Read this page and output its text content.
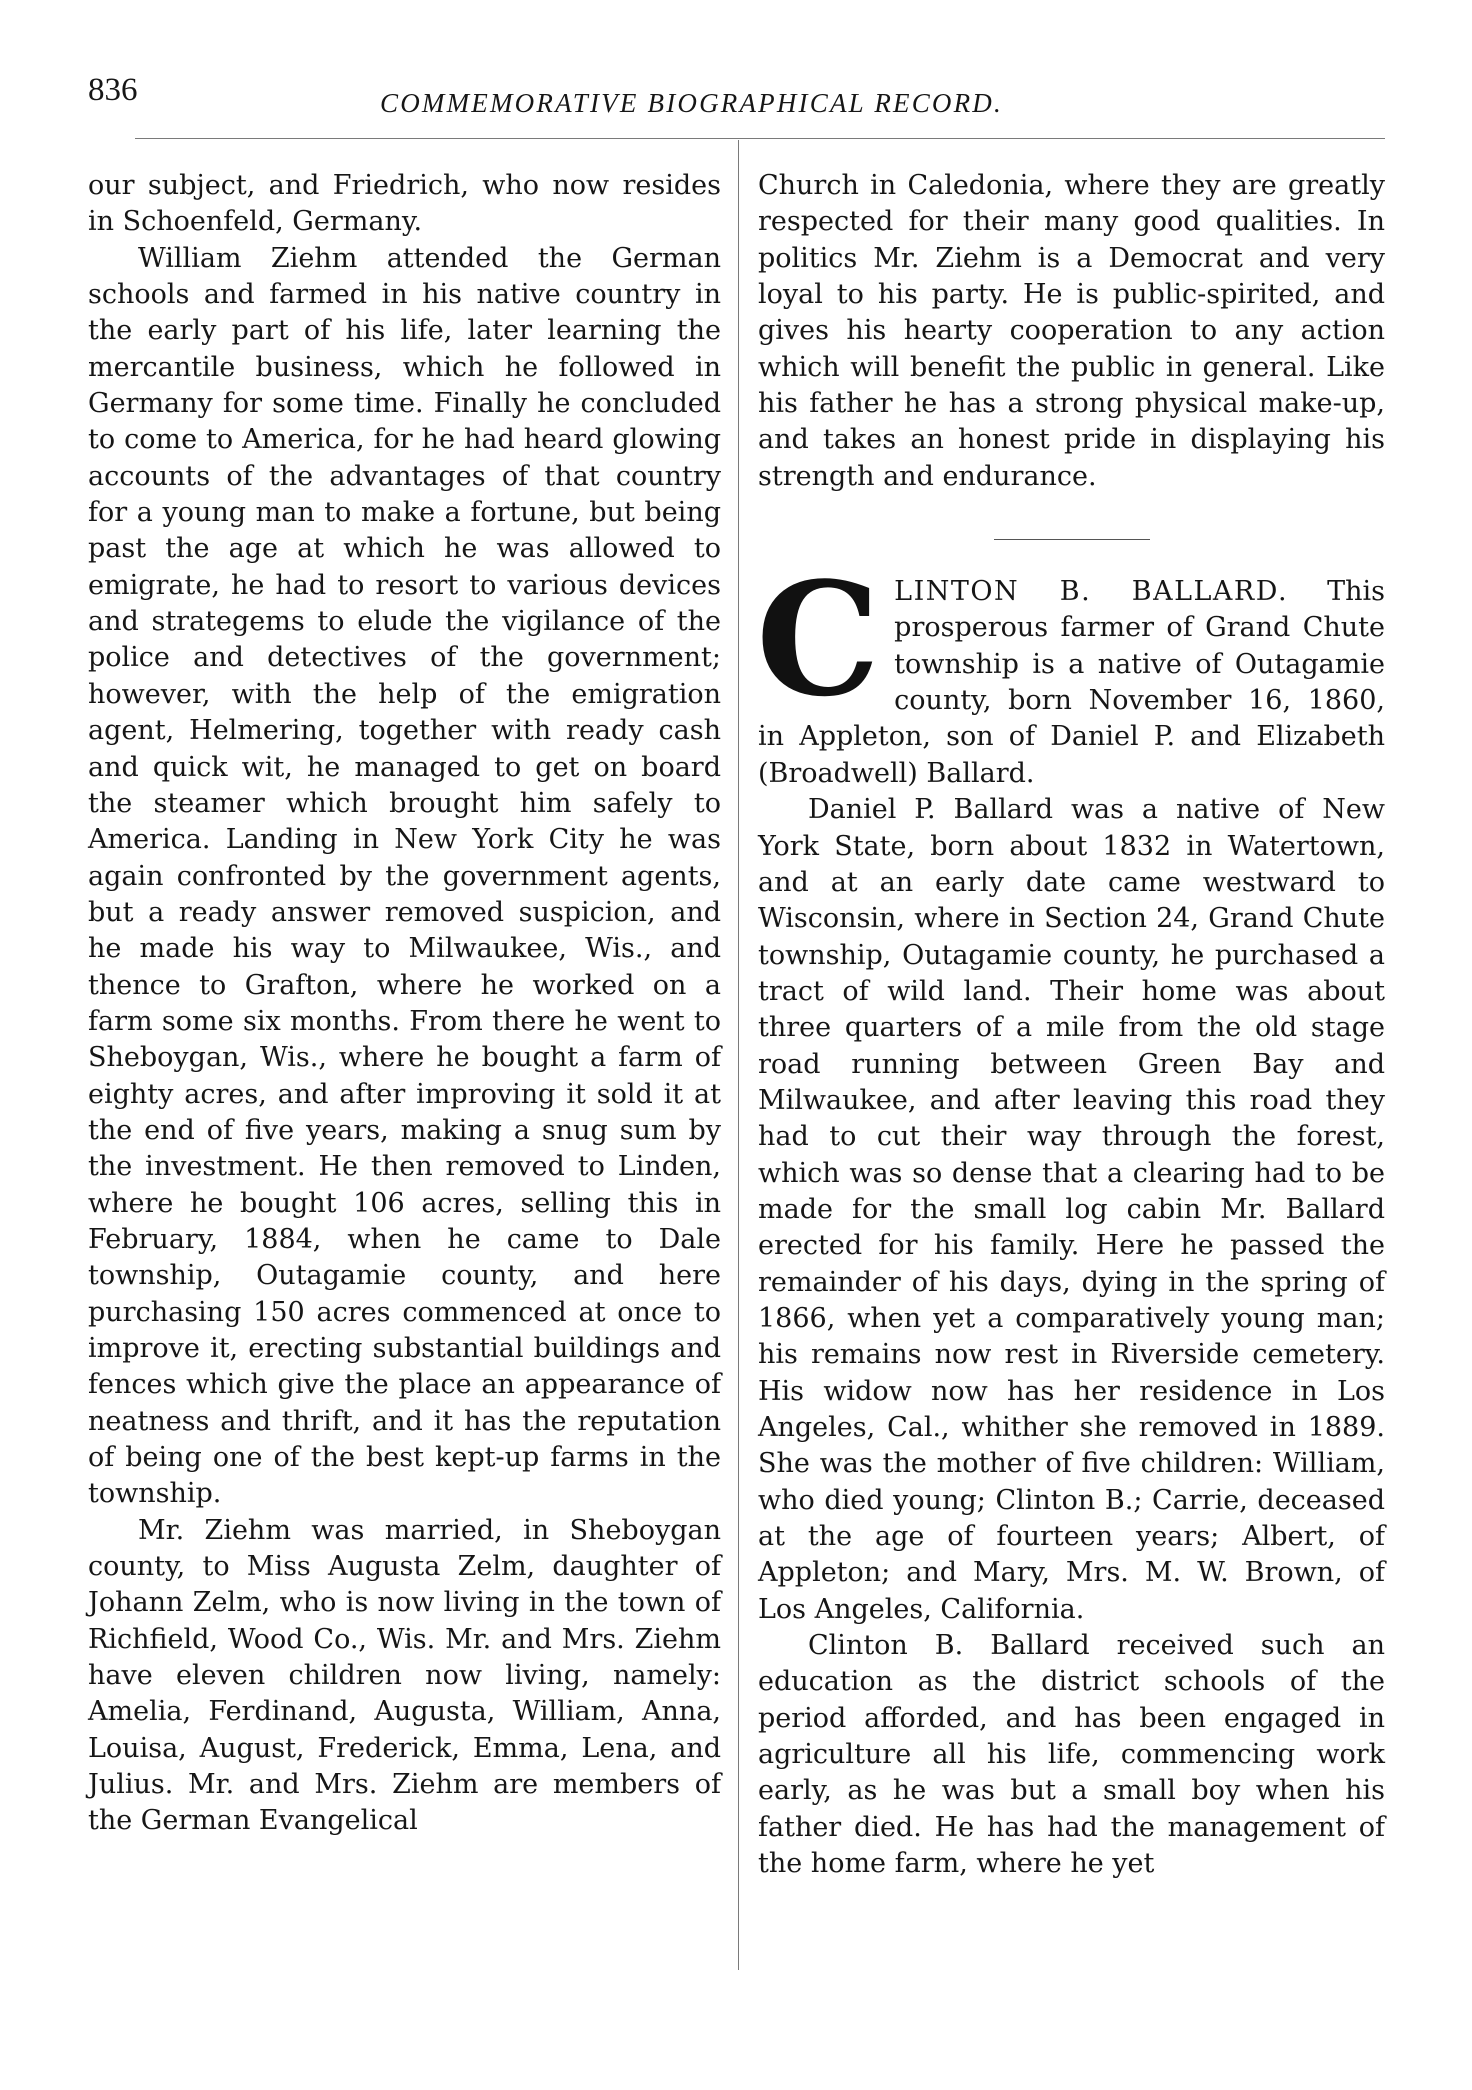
836	COMMEMORATIVE BIOGRAPHICAL RECORD.

our subject, and Friedrich, who now resides in Schoenfeld, Germany.

William Ziehm attended the German schools and farmed in his native country in the early part of his life, later learning the mercantile business, which he followed in Germany for some time. Finally he concluded to come to America, for he had heard glowing accounts of the advantages of that country for a young man to make a fortune, but being past the age at which he was allowed to emigrate, he had to resort to various devices and strategems to elude the vigilance of the police and detectives of the government; however, with the help of the emigration agent, Helmering, together with ready cash and quick wit, he managed to get on board the steamer which brought him safely to America. Landing in New York City he was again confronted by the government agents, but a ready answer removed suspicion, and he made his way to Milwaukee, Wis., and thence to Grafton, where he worked on a farm some six months. From there he went to Sheboygan, Wis., where he bought a farm of eighty acres, and after improving it sold it at the end of five years, making a snug sum by the investment. He then removed to Linden, where he bought 106 acres, selling this in February, 1884, when he came to Dale township, Outagamie county, and here purchasing 150 acres commenced at once to improve it, erecting substantial buildings and fences which give the place an appearance of neatness and thrift, and it has the reputation of being one of the best kept-up farms in the township.

Mr. Ziehm was married, in Sheboygan county, to Miss Augusta Zelm, daughter of Johann Zelm, who is now living in the town of Richfield, Wood Co., Wis. Mr. and Mrs. Ziehm have eleven children now living, namely: Amelia, Ferdinand, Augusta, William, Anna, Louisa, August, Frederick, Emma, Lena, and Julius. Mr. and Mrs. Ziehm are members of the German Evangelical

Church in Caledonia, where they are greatly respected for their many good qualities. In politics Mr. Ziehm is a Democrat and very loyal to his party. He is public-spirited, and gives his hearty cooperation to any action which will benefit the public in general. Like his father he has a strong physical make-up, and takes an honest pride in displaying his strength and endurance.

CLINTON B. BALLARD. This prosperous farmer of Grand Chute township is a native of Outagamie county, born November 16, 1860, in Appleton, son of Daniel P. and Elizabeth (Broadwell) Ballard.

Daniel P. Ballard was a native of New York State, born about 1832 in Watertown, and at an early date came westward to Wisconsin, where in Section 24, Grand Chute township, Outagamie county, he purchased a tract of wild land. Their home was about three quarters of a mile from the old stage road running between Green Bay and Milwaukee, and after leaving this road they had to cut their way through the forest, which was so dense that a clearing had to be made for the small log cabin Mr. Ballard erected for his family. Here he passed the remainder of his days, dying in the spring of 1866, when yet a comparatively young man; his remains now rest in Riverside cemetery. His widow now has her residence in Los Angeles, Cal., whither she removed in 1889. She was the mother of five children: William, who died young; Clinton B.; Carrie, deceased at the age of fourteen years; Albert, of Appleton; and Mary, Mrs. M. W. Brown, of Los Angeles, California.

Clinton B. Ballard received such an education as the district schools of the period afforded, and has been engaged in agriculture all his life, commencing work early, as he was but a small boy when his father died. He has had the management of the home farm, where he yet
